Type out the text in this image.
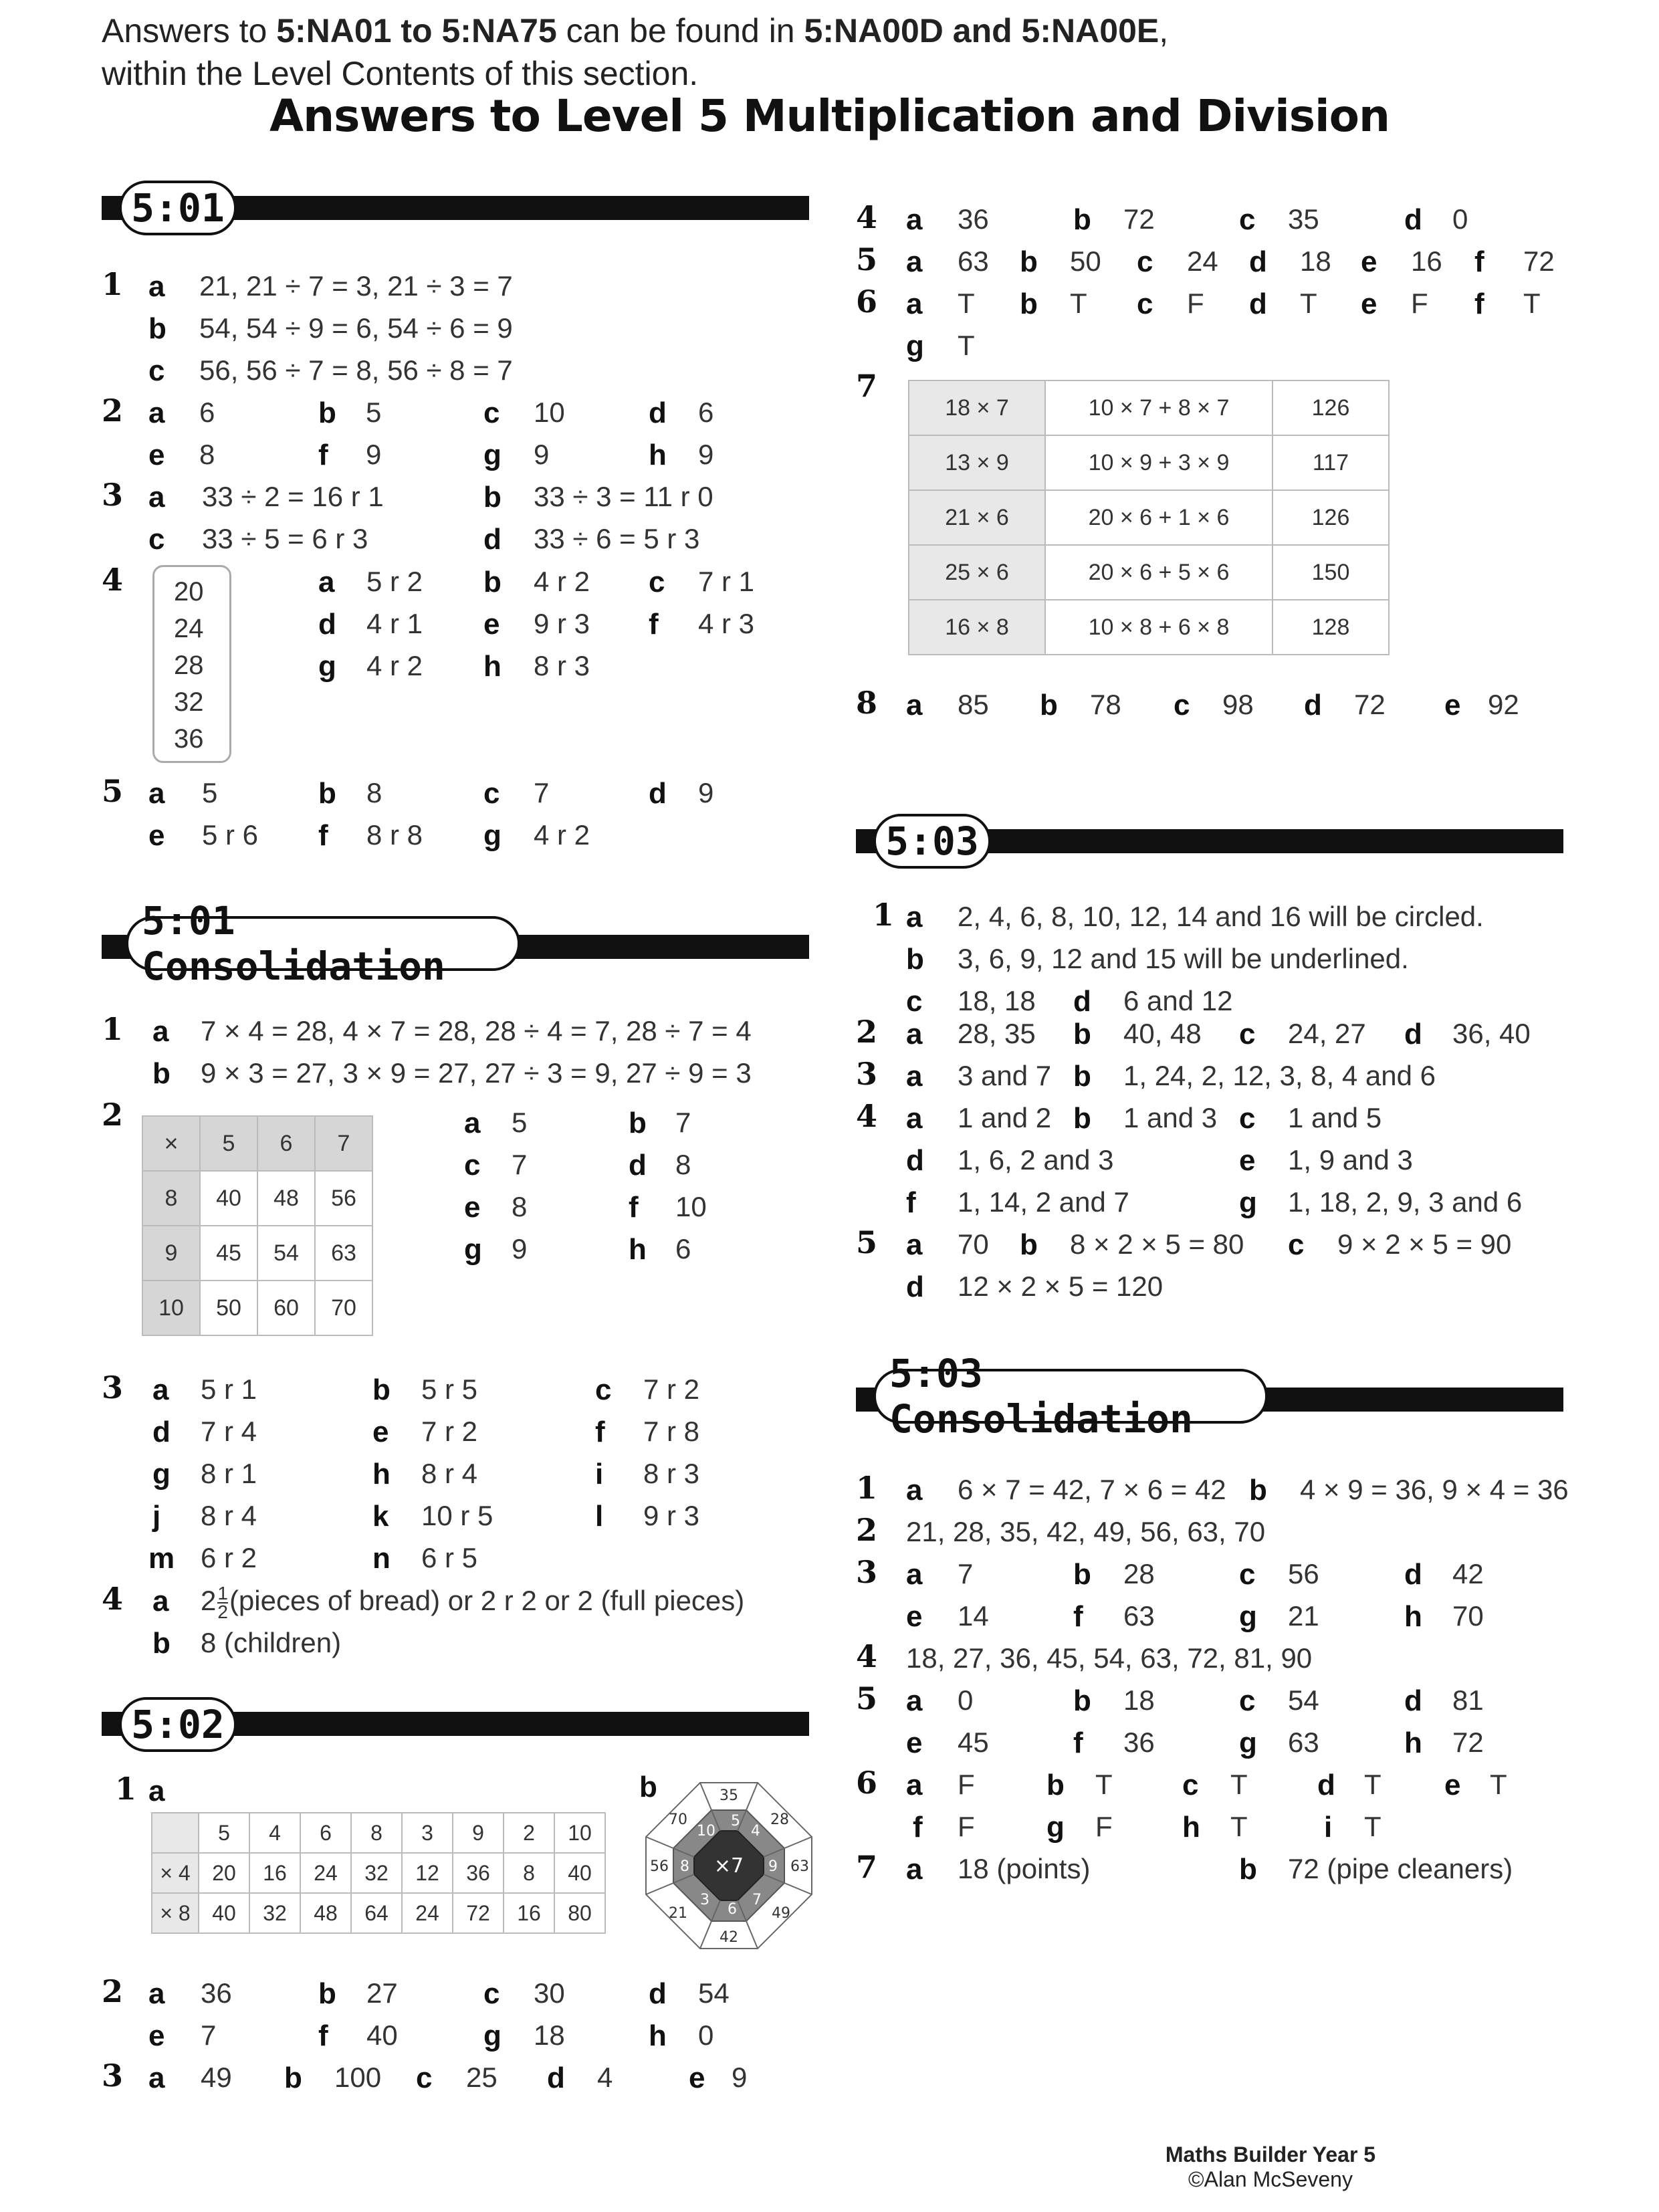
Answers to 5:NA01 to 5:NA75 can be found in 5:NA00D and 5:NA00E,
within the Level Contents of this section.
Answers to Level 5 Multiplication and Division
5:01
1 a 21, 21 ÷ 7 = 3, 21 ÷ 3 = 7
b 54, 54 ÷ 9 = 6, 54 ÷ 6 = 9
c 56, 56 ÷ 7 = 8, 56 ÷ 8 = 7
2 a 6	b 5	c 10	d 6
e 8	f 9	g 9	h 9
3 a 33 ÷ 2 = 16 r 1	b 33 ÷ 3 = 11 r 0
c 33 ÷ 5 = 6 r 3	d 33 ÷ 6 = 5 r 3
4 20
24
28
32
36
a 5 r 2 b 4 r 2 c 7 r 1
d 4 r 1 e 9 r 3 f 4 r 3
g 4 r 2 h 8 r 3
5 a 5	b 8	c 7	d 9
e 5 r 6 f 8 r 8 g 4 r 2
5:01 Consolidation
1 a 7 × 4 = 28, 4 × 7 = 28, 28 ÷ 4 = 7, 28 ÷ 7 = 4
b 9 × 3 = 27, 3 × 9 = 27, 27 ÷ 3 = 9, 27 ÷ 9 = 3
2
×	5	6	7
8	40	48	56
9	45	54	63
10	50	60	70
a 5	b 7
c 7	d 8
e 8	f 10
g 9	h 6
3 a 5 r 1	b 5 r 5	c 7 r 2
d 7 r 4	e 7 r 2	f 7 r 8
g 8 r 1	h 8 r 4	i 8 r 3
j 8 r 4	k 10 r 5	l 9 r 3
m 6 r 2	n 6 r 5
4 a $2 \frac{1}{2}$ (pieces of bread) or 2 r 2 or 2 (full pieces)
b 8 (children)
5:02
1 a
	5	4	6	8	3	9	2	10
× 4	20	16	24	32	12	36	8	40
× 8	40	32	48	64	24	72	16	80
b
×7
5
4
9
7
6
3
8
10
35
28
63
49
42
21
56
70
2 a 36	b 27	c 30	d 54
e 7	f 40	g 18	h 0
3 a 49 b 100 c 25 d 4	e 9
4 a 36	b 72	c 35	d 0
5 a 63 b 50 c 24 d 18 e 16 f 72
6 a T b T c F d T e F f T
g T
7
18 × 7	10 × 7 + 8 × 7	126
13 × 9	10 × 9 + 3 × 9	117
21 × 6	20 × 6 + 1 × 6	126
25 × 6	20 × 6 + 5 × 6	150
16 × 8	10 × 8 + 6 × 8	128
8 a 85 b 78 c 98 d 72 e 92
5:03
1 a 2, 4, 6, 8, 10, 12, 14 and 16 will be circled.
b 3, 6, 9, 12 and 15 will be underlined.
c 18, 18 d 6 and 12
2 a 28, 35 b 40, 48 c 24, 27 d 36, 40
3 a 3 and 7 b 1, 24, 2, 12, 3, 8, 4 and 6
4 a 1 and 2 b 1 and 3 c 1 and 5
d 1, 6, 2 and 3	e 1, 9 and 3
f 1, 14, 2 and 7	g 1, 18, 2, 9, 3 and 6
5 a 70 b 8 × 2 × 5 = 80 c 9 × 2 × 5 = 90
d 12 × 2 × 5 = 120
5:03 Consolidation
1 a 6 × 7 = 42, 7 × 6 = 42 b 4 × 9 = 36, 9 × 4 = 36
2 21, 28, 35, 42, 49, 56, 63, 70
3 a 7	b 28	c 56	d 42
e 14	f 63	g 21	h 70
4 18, 27, 36, 45, 54, 63, 72, 81, 90
5 a 0	b 18	c 54	d 81
e 45	f 36	g 63	h 72
6 a F b T c T d T e T
f F g F h T	i T
7 a 18 (points)	b 72 (pipe cleaners)
Maths Builder Year 5
©Alan McSeveny
